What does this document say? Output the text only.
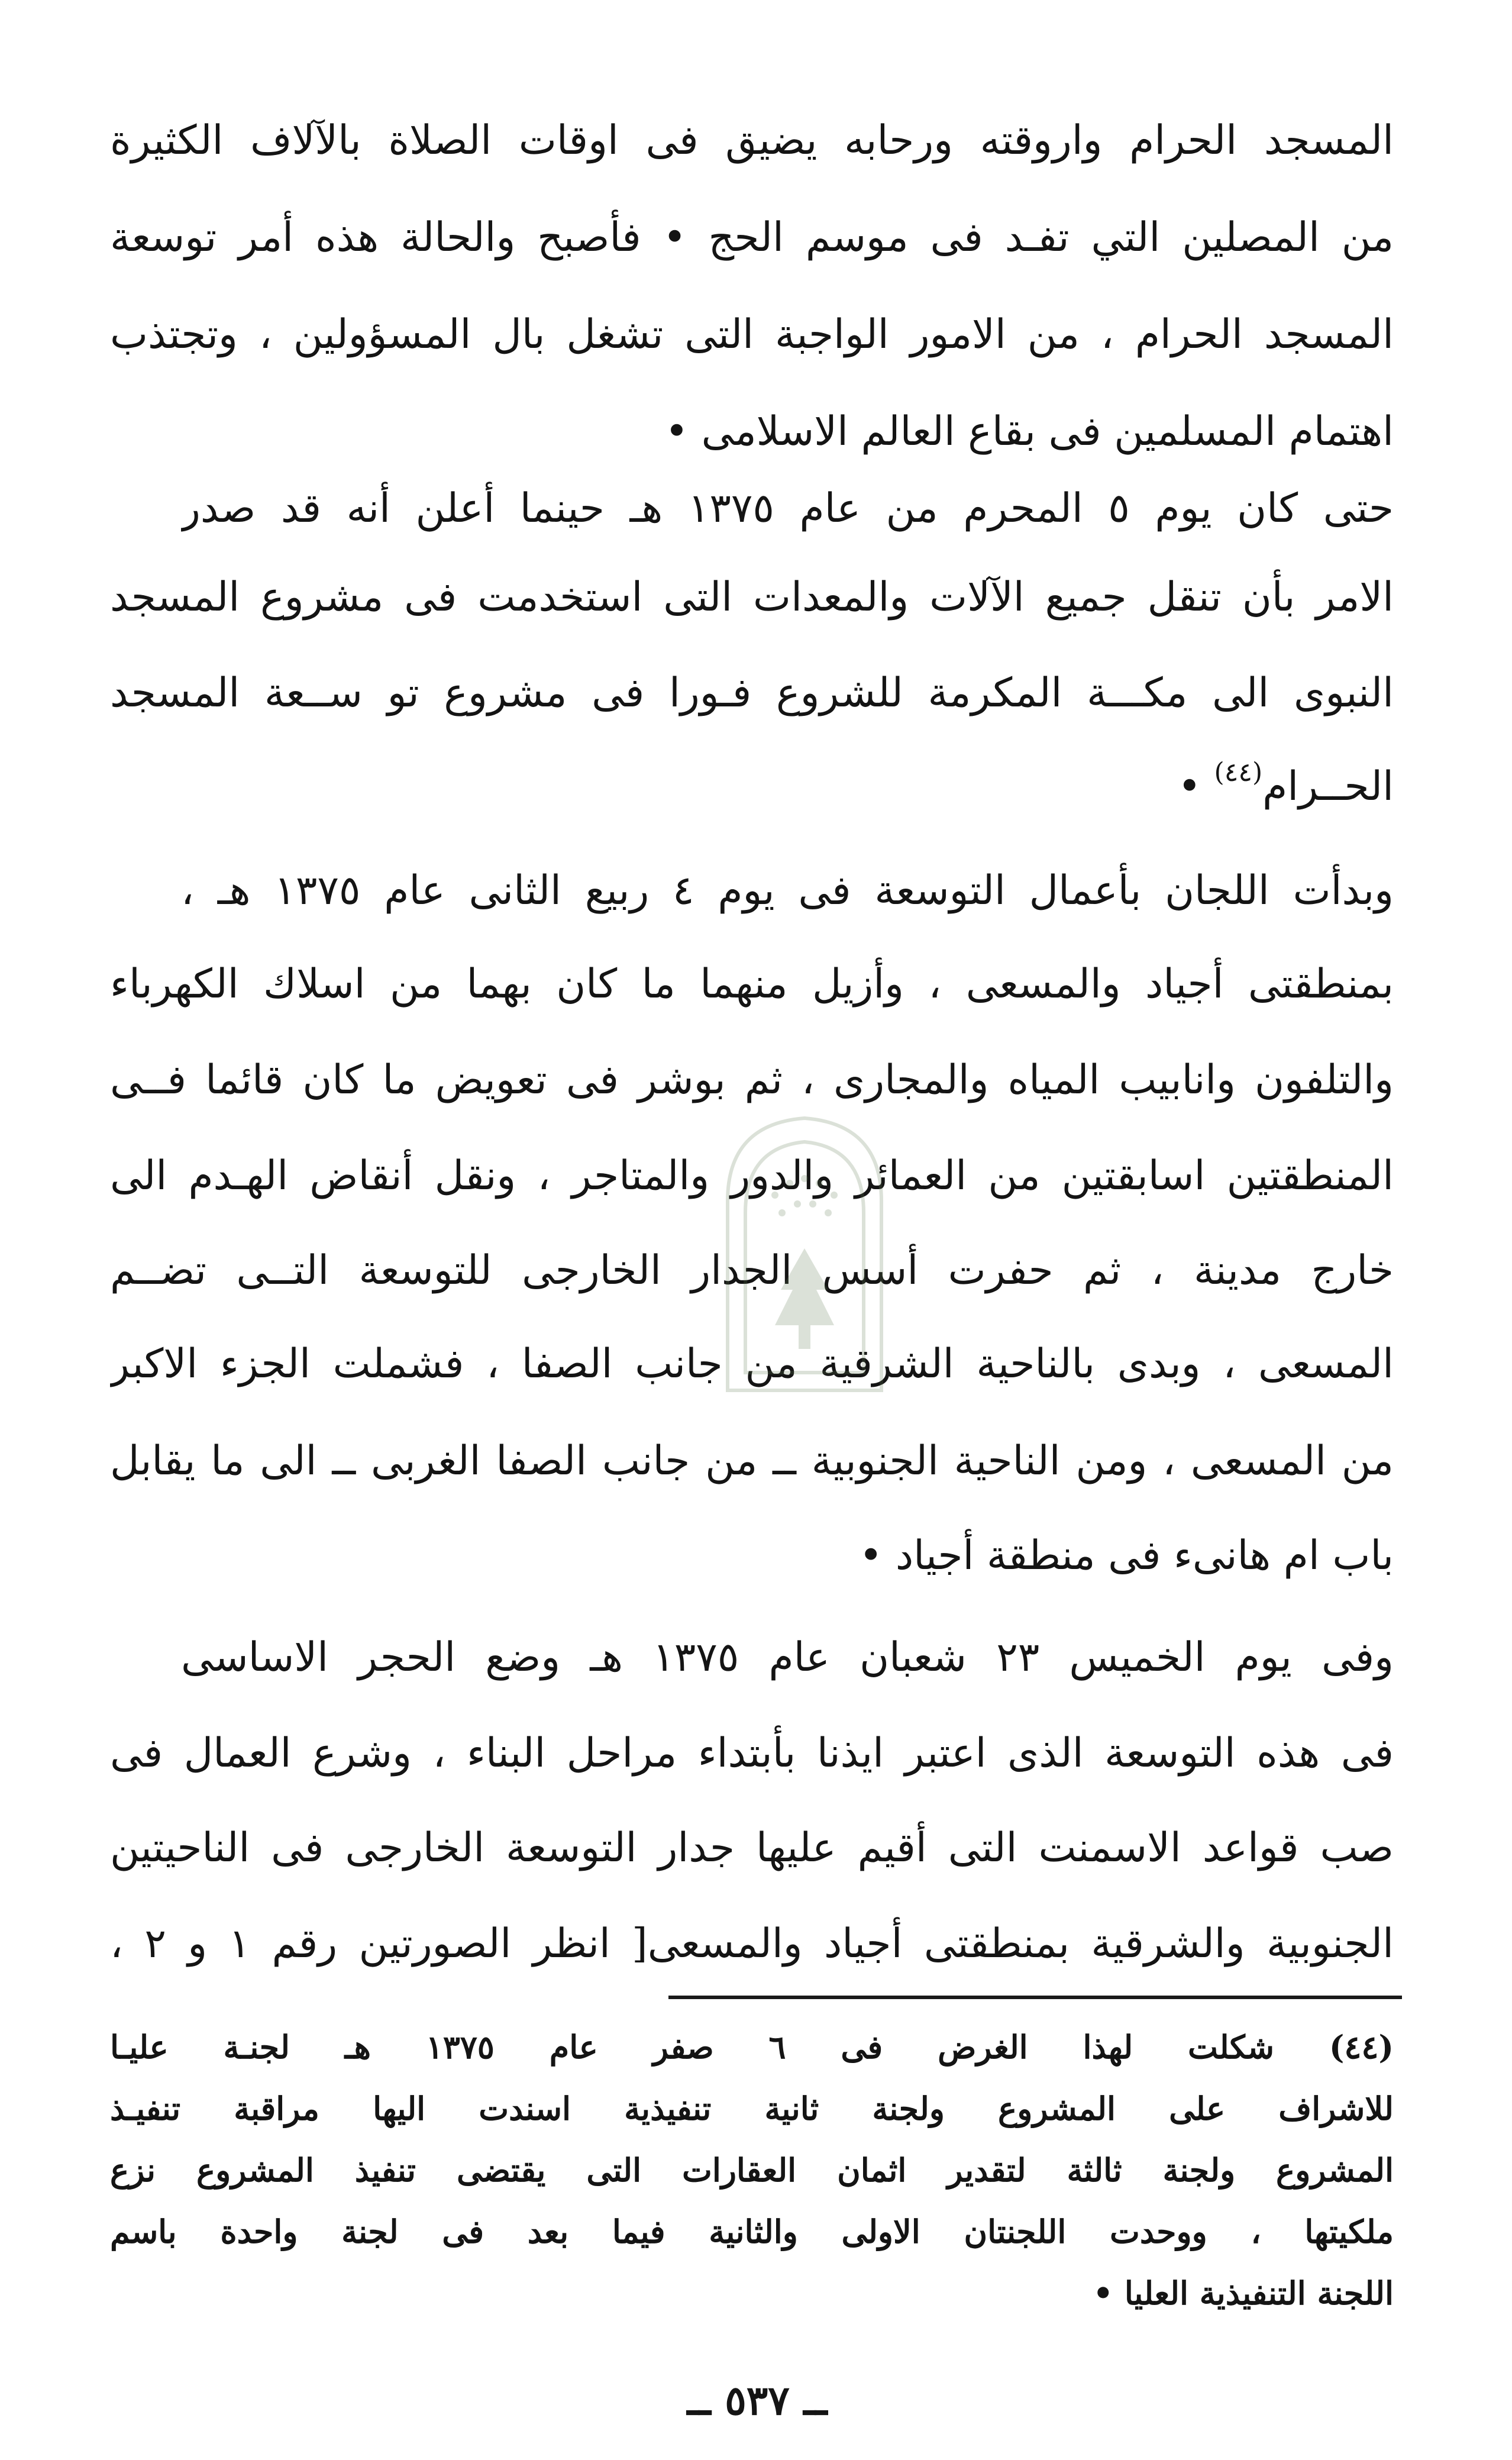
المسجد الحرام واروقته ورحابه يضيق فى اوقات الصلاة بالآلاف الكثيرة
من المصلين التي تفـد فى موسم الحج • فأصبح والحالة هذه أمر توسعة
المسجد الحرام ، من الامور الواجبة التى تشغل بال المسؤولين ، وتجتذب
اهتمام المسلمين فى بقاع العالم الاسلامى •
حتى كان يوم ٥ المحرم من عام ١٣٧٥ هـ حينما أعلن أنه قد صدر
الامر بأن تنقل جميع الآلات والمعدات التى استخدمت فى مشروع المسجد
النبوى الى مكـــة المكرمة للشروع فـورا فى مشروع تو ســعة المسجد
الحــرام$^{(٤٤)}$ •
وبدأت اللجان بأعمال التوسعة فى يوم ٤ ربيع الثانى عام ١٣٧٥ هـ ،
بمنطقتى أجياد والمسعى ، وأزيل منهما ما كان بهما من اسلاك الكهرباء
والتلفون وانابيب المياه والمجارى ، ثم بوشر فى تعويض ما كان قائما فــى
المنطقتين اسابقتين من العمائر والدور والمتاجر ، ونقل أنقاض الهـدم الى
خارج مدينة ، ثم حفرت أسس الجدار الخارجى للتوسعة التــى تضــم
المسعى ، وبدى بالناحية الشرقية من جانب الصفا ، فشملت الجزء الاكبر
من المسعى ، ومن الناحية الجنوبية ــ من جانب الصفا الغربى ــ الى ما يقابل
باب ام هانىء فى منطقة أجياد •
وفى يوم الخميس ٢٣ شعبان عام ١٣٧٥ هـ وضع الحجر الاساسى
فى هذه التوسعة الذى اعتبر ايذنا بأبتداء مراحل البناء ، وشرع العمال فى
صب قواعد الاسمنت التى أقيم عليها جدار التوسعة الخارجى فى الناحيتين
الجنوبية والشرقية بمنطقتى أجياد والمسعى[ انظر الصورتين رقم ١ و ٢ ،
(٤٤) شكلت لهذا الغرض فى ٦ صفر عام ١٣٧٥ هـ لجنـة عليـا
للاشراف على المشروع ولجنة ثانية تنفيذية اسندت اليها مراقبة تنفيـذ
المشروع ولجنة ثالثة لتقدير اثمان العقارات التى يقتضى تنفيذ المشروع نزع
ملكيتها ، ووحدت اللجنتان الاولى والثانية فيما بعد فى لجنة واحدة باسم
اللجنة التنفيذية العليا •
ــ ٥٣٧ ــ
